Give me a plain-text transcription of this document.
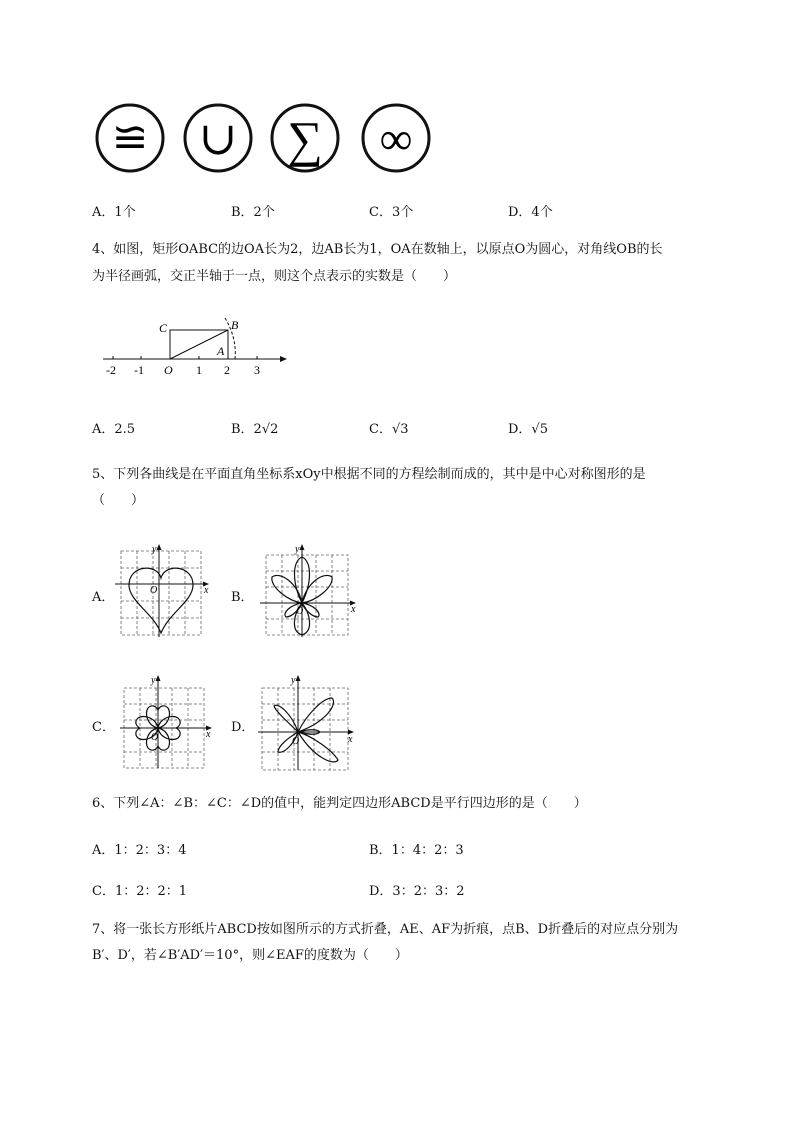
≌ ∪ ∑ ∞
A．1个	B．2个	C．3个	D．4个
4、如图，矩形OABC的边OA长为2，边AB长为1，OA在数轴上，以原点O为圆心，对角线OB的长
为半径画弧，交正半轴于一点，则这个点表示的实数是（　　）
C	B
A
O
-2 -1	1 2 3
A．2.5	B．2√2	C．√3	D．√5
5、下列各曲线是在平面直角坐标系xOy中根据不同的方程绘制而成的，其中是中心对称图形的是
（　　）
A．	B．
C．	D．
y
x
O
y
x
O
y
x
O
y
x
O
6、下列∠A：∠B：∠C：∠D的值中，能判定四边形ABCD是平行四边形的是（　　）
A．1：2：3：4	B．1：4：2：3
C．1：2：2：1	D．3：2：3：2
7、将一张长方形纸片ABCD按如图所示的方式折叠，AE、AF为折痕，点B、D折叠后的对应点分别为
B′、D′，若∠B′AD′＝10°，则∠EAF的度数为（　　）
